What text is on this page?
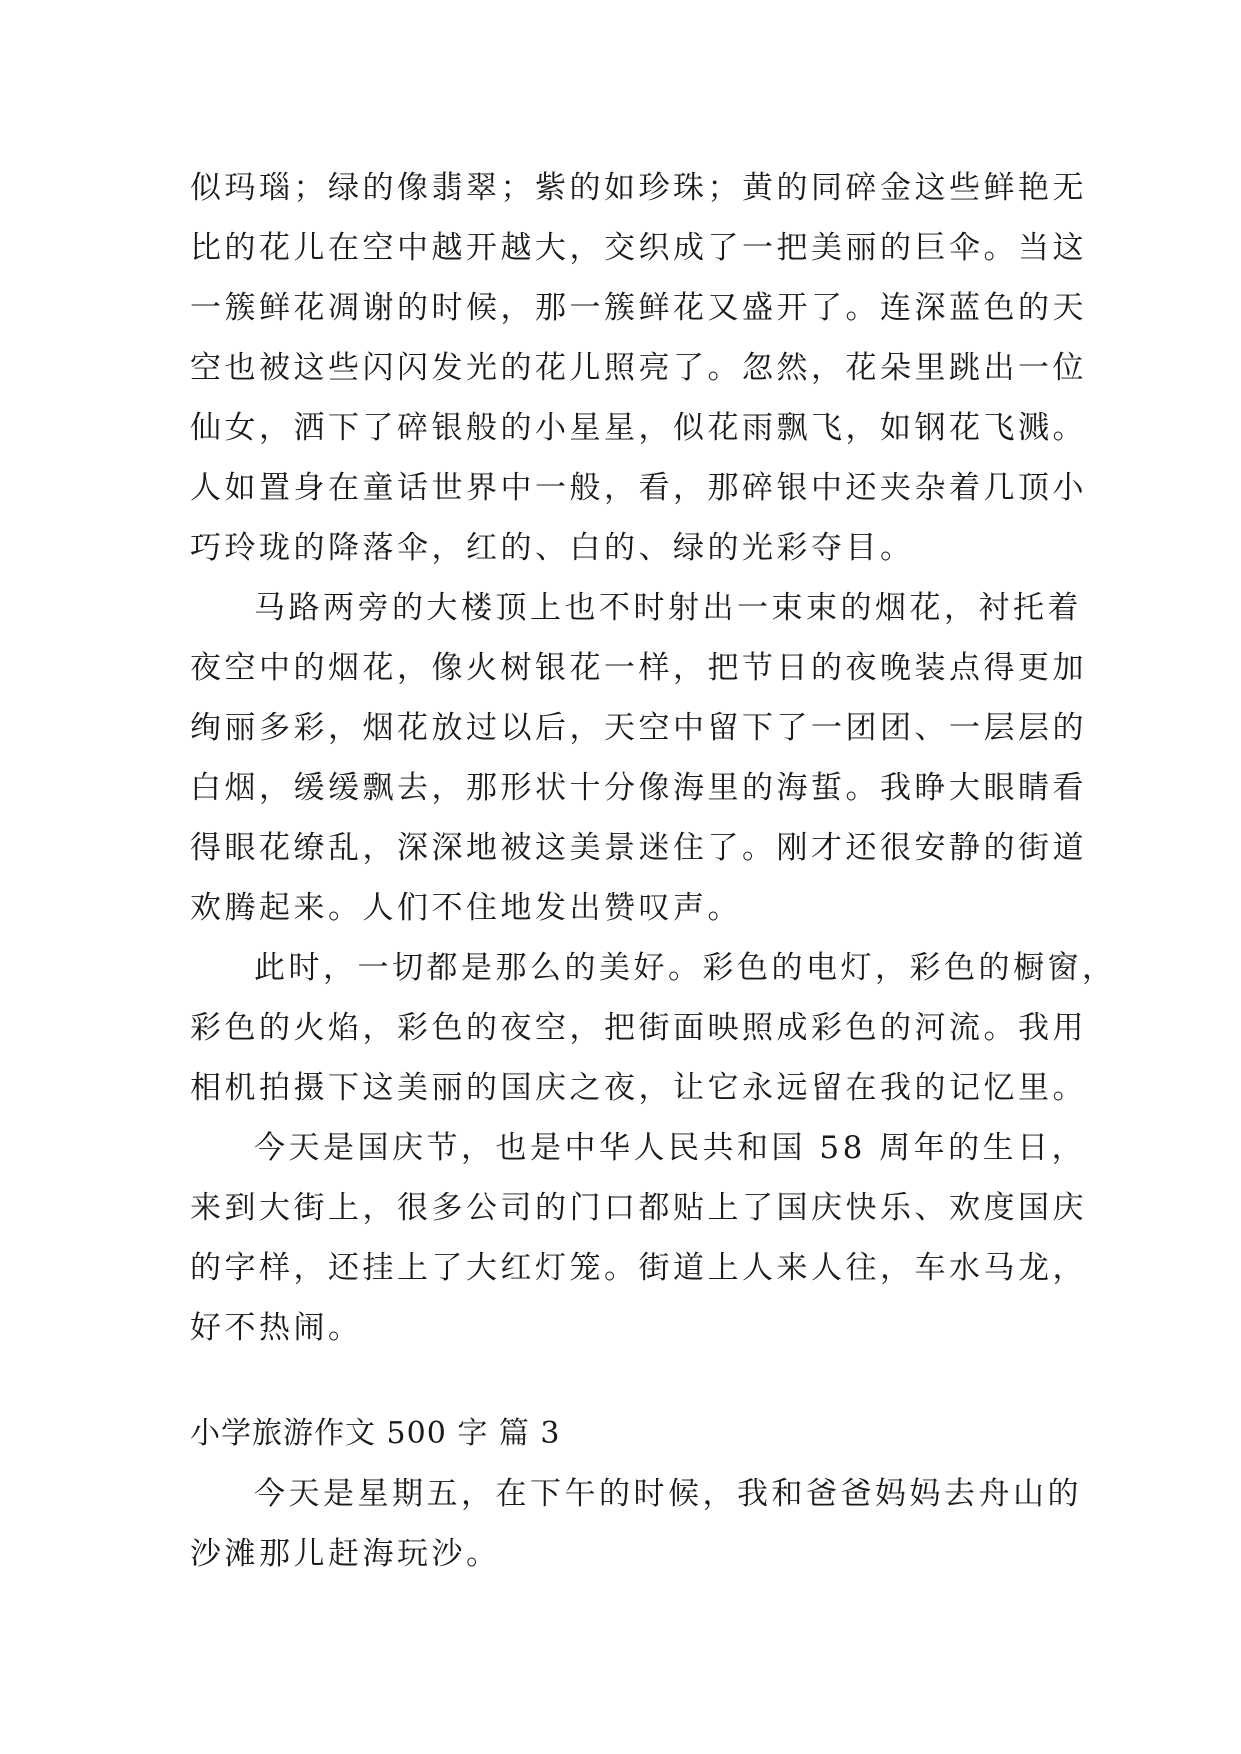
似玛瑙；绿的像翡翠；紫的如珍珠；黄的同碎金这些鲜艳无
比的花儿在空中越开越大，交织成了一把美丽的巨伞。当这
一簇鲜花凋谢的时候，那一簇鲜花又盛开了。连深蓝色的天
空也被这些闪闪发光的花儿照亮了。忽然，花朵里跳出一位
仙女，洒下了碎银般的小星星，似花雨飘飞，如钢花飞溅。
人如置身在童话世界中一般，看，那碎银中还夹杂着几顶小
巧玲珑的降落伞，红的、白的、绿的光彩夺目。
马路两旁的大楼顶上也不时射出一束束的烟花，衬托着
夜空中的烟花，像火树银花一样，把节日的夜晚装点得更加
绚丽多彩，烟花放过以后，天空中留下了一团团、一层层的
白烟，缓缓飘去，那形状十分像海里的海蜇。我睁大眼睛看
得眼花缭乱，深深地被这美景迷住了。刚才还很安静的街道
欢腾起来。人们不住地发出赞叹声。
此时，一切都是那么的美好。彩色的电灯，彩色的橱窗，
彩色的火焰，彩色的夜空，把街面映照成彩色的河流。我用
相机拍摄下这美丽的国庆之夜，让它永远留在我的记忆里。
今天是国庆节，也是中华人民共和国 58 周年的生日，
来到大街上，很多公司的门口都贴上了国庆快乐、欢度国庆
的字样，还挂上了大红灯笼。街道上人来人往，车水马龙，
好不热闹。
小学旅游作文 500 字 篇 3
今天是星期五，在下午的时候，我和爸爸妈妈去舟山的
沙滩那儿赶海玩沙。
